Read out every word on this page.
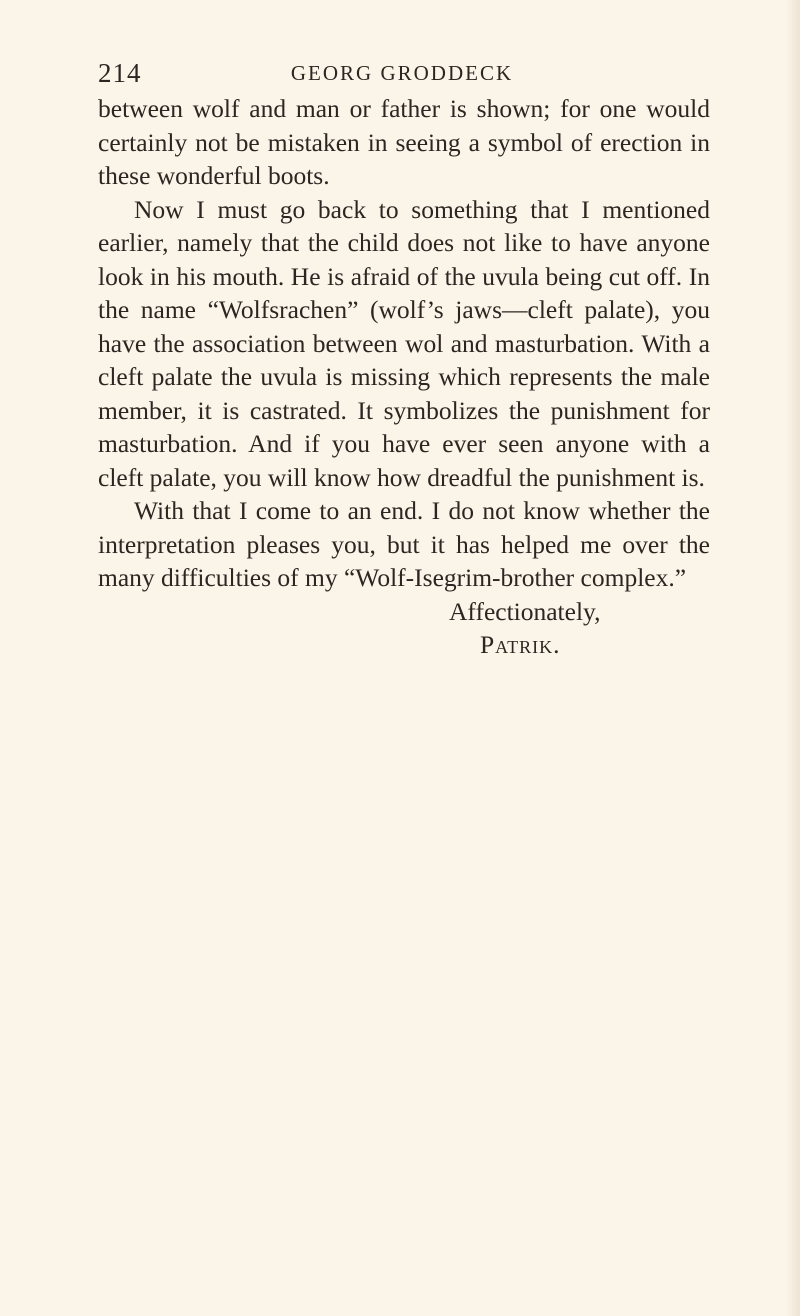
214	GEORG GRODDECK

between wolf and man or father is shown; for one would certainly not be mistaken in seeing a symbol of erection in these wonderful boots.

Now I must go back to something that I mentioned earlier, namely that the child does not like to have anyone look in his mouth. He is afraid of the uvula being cut off. In the name “Wolfsrachen” (wolf’s jaws—cleft palate), you have the association between wol and masturbation. With a cleft palate the uvula is missing which represents the male member, it is castrated. It symbolizes the punishment for masturbation. And if you have ever seen anyone with a cleft palate, you will know how dreadful the punishment is.

With that I come to an end. I do not know whether the interpretation pleases you, but it has helped me over the many difficulties of my “Wolf-Isegrim-brother complex.”

Affectionately,

Patrik.
